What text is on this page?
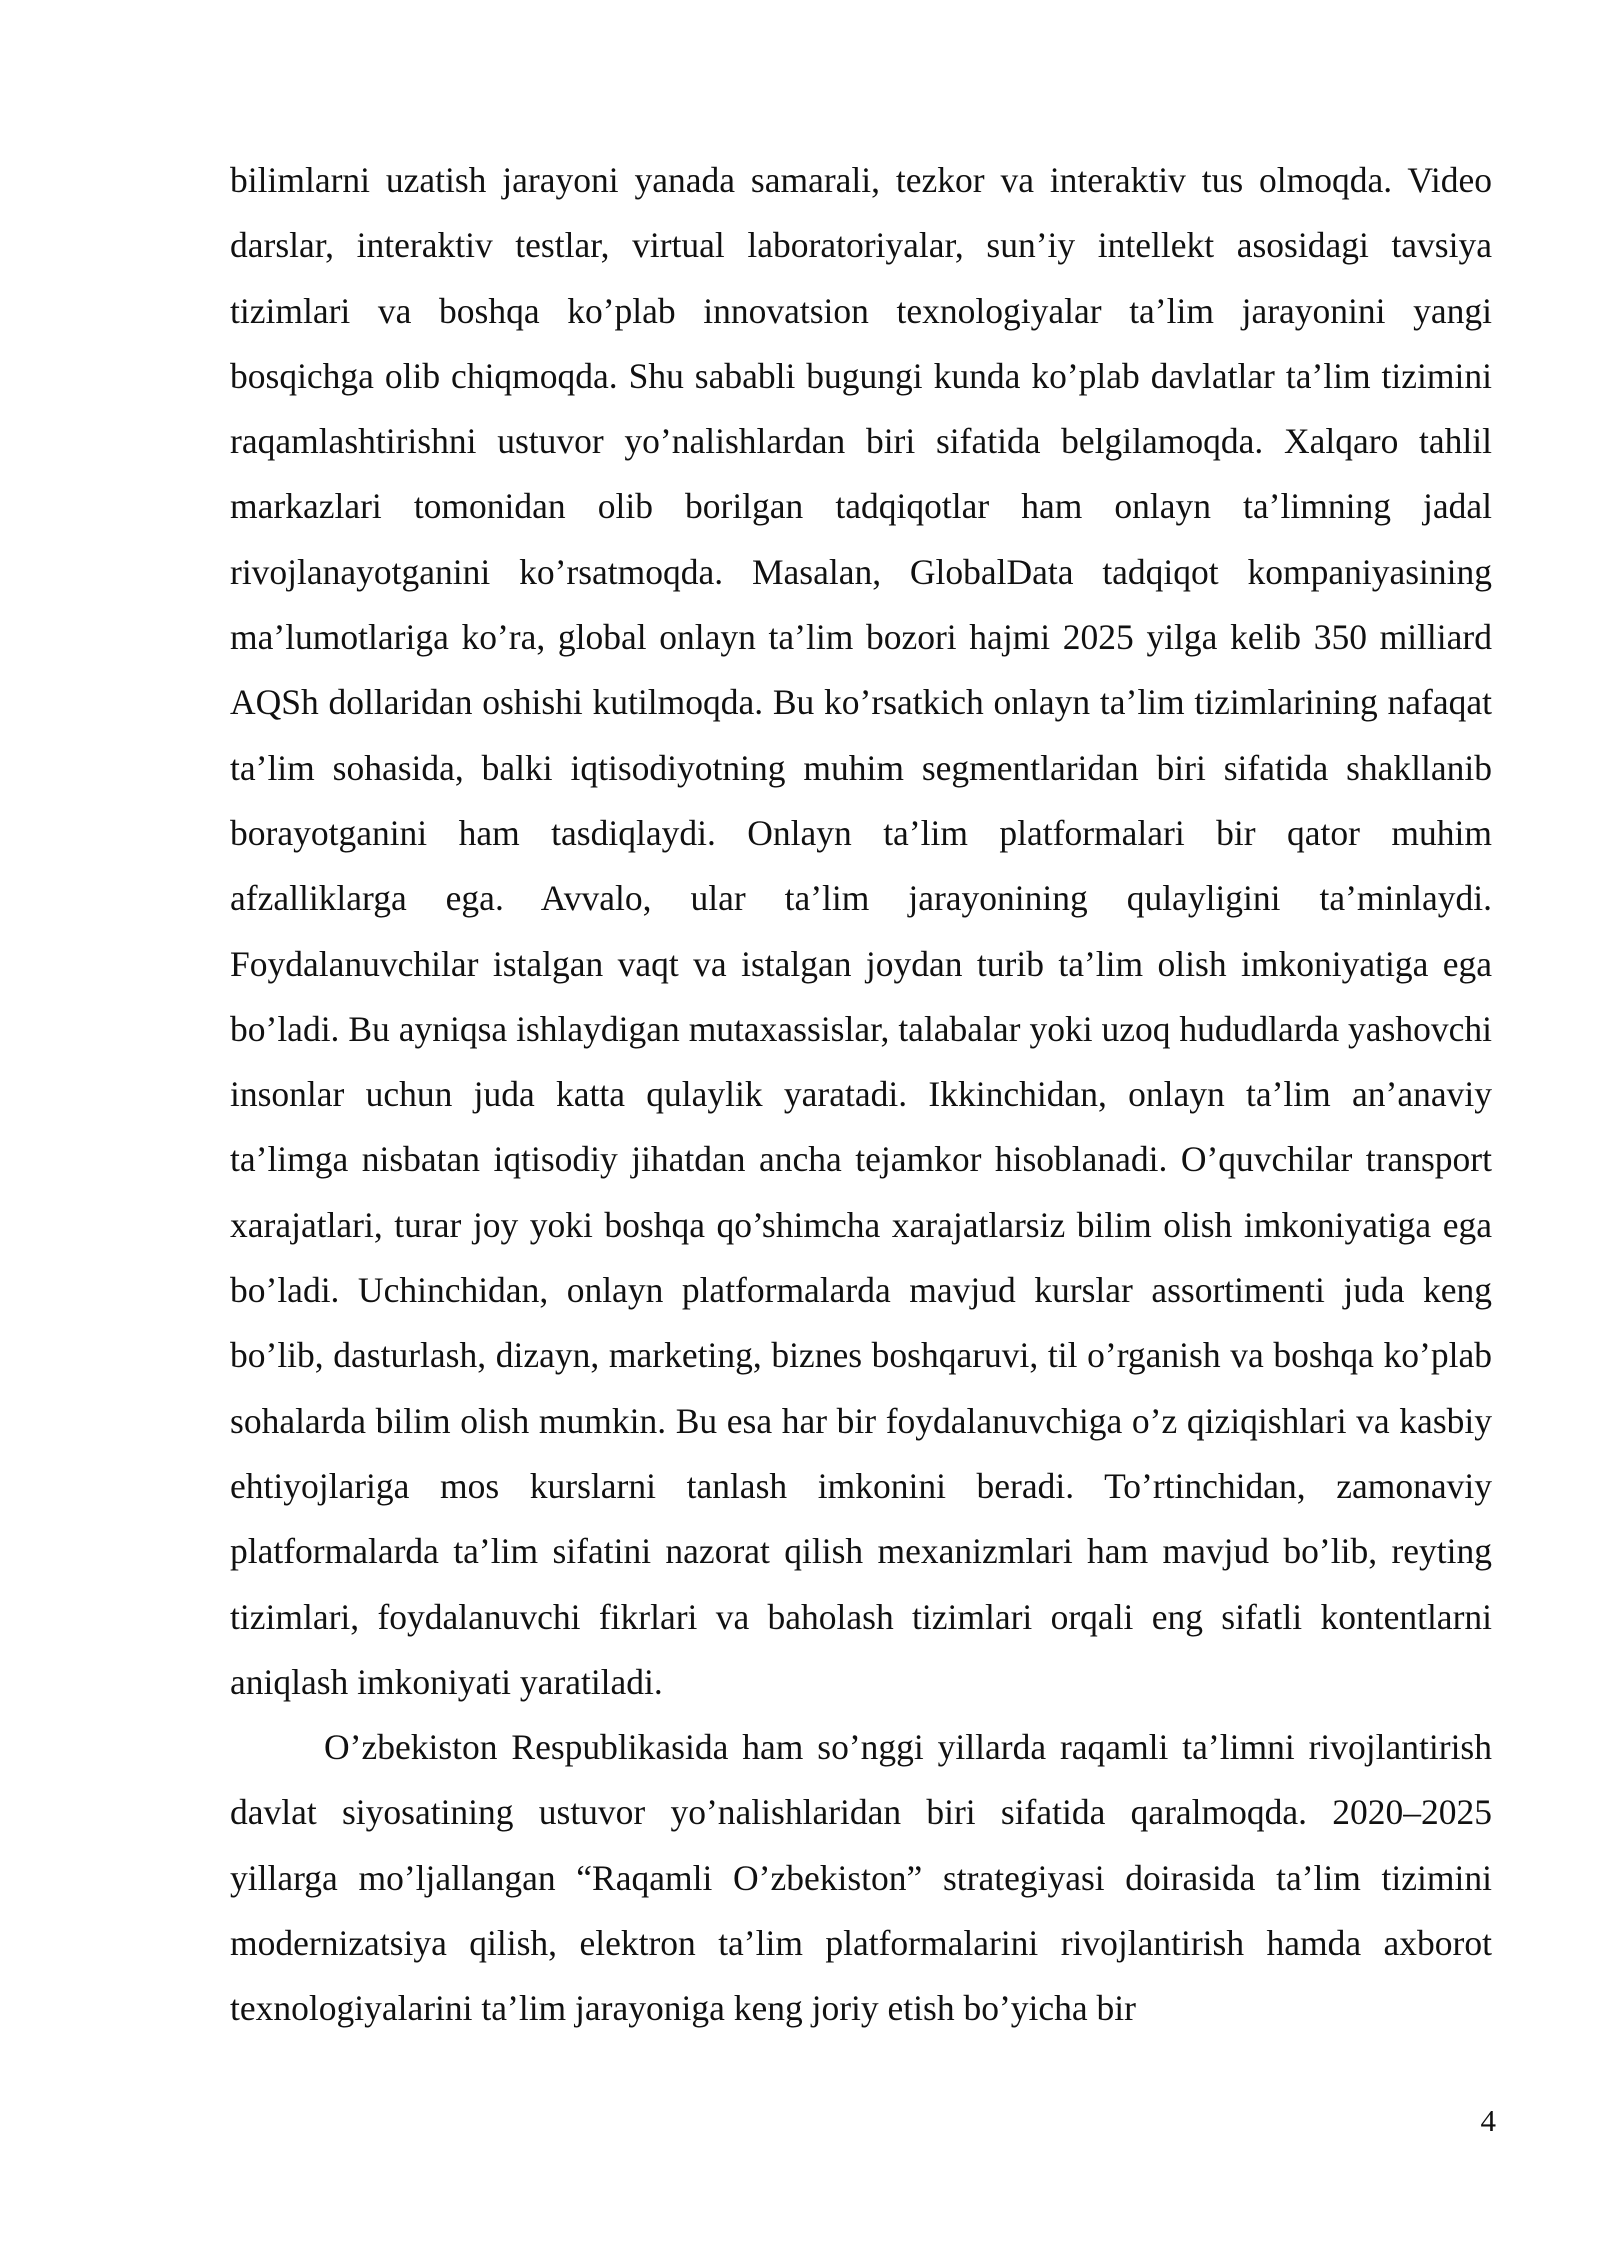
bilimlarni uzatish jarayoni yanada samarali, tezkor va interaktiv tus olmoqda. Video darslar, interaktiv testlar, virtual laboratoriyalar, sun’iy intellekt asosidagi tavsiya tizimlari va boshqa ko’plab innovatsion texnologiyalar ta’lim jarayonini yangi bosqichga olib chiqmoqda. Shu sababli bugungi kunda ko’plab davlatlar ta’lim tizimini raqamlashtirishni ustuvor yo’nalishlardan biri sifatida belgilamoqda. Xalqaro tahlil markazlari tomonidan olib borilgan tadqiqotlar ham onlayn ta’limning jadal rivojlanayotganini ko’rsatmoqda. Masalan, GlobalData tadqiqot kompaniyasining ma’lumotlariga ko’ra, global onlayn ta’lim bozori hajmi 2025 yilga kelib 350 milliard AQSh dollaridan oshishi kutilmoqda. Bu ko’rsatkich onlayn ta’lim tizimlarining nafaqat ta’lim sohasida, balki iqtisodiyotning muhim segmentlaridan biri sifatida shakllanib borayotganini ham tasdiqlaydi. Onlayn ta’lim platformalari bir qator muhim afzalliklarga ega. Avvalo, ular ta’lim jarayonining qulayligini ta’minlaydi. Foydalanuvchilar istalgan vaqt va istalgan joydan turib ta’lim olish imkoniyatiga ega bo’ladi. Bu ayniqsa ishlaydigan mutaxassislar, talabalar yoki uzoq hududlarda yashovchi insonlar uchun juda katta qulaylik yaratadi. Ikkinchidan, onlayn ta’lim an’anaviy ta’limga nisbatan iqtisodiy jihatdan ancha tejamkor hisoblanadi. O’quvchilar transport xarajatlari, turar joy yoki boshqa qo’shimcha xarajatlarsiz bilim olish imkoniyatiga ega bo’ladi. Uchinchidan, onlayn platformalarda mavjud kurslar assortimenti juda keng bo’lib, dasturlash, dizayn, marketing, biznes boshqaruvi, til o’rganish va boshqa ko’plab sohalarda bilim olish mumkin. Bu esa har bir foydalanuvchiga o’z qiziqishlari va kasbiy ehtiyojlariga mos kurslarni tanlash imkonini beradi. To’rtinchidan, zamonaviy platformalarda ta’lim sifatini nazorat qilish mexanizmlari ham mavjud bo’lib, reyting tizimlari, foydalanuvchi fikrlari va baholash tizimlari orqali eng sifatli kontentlarni aniqlash imkoniyati yaratiladi.

O’zbekiston Respublikasida ham so’nggi yillarda raqamli ta’limni rivojlantirish davlat siyosatining ustuvor yo’nalishlaridan biri sifatida qaralmoqda. 2020–2025 yillarga mo’ljallangan “Raqamli O’zbekiston” strategiyasi doirasida ta’lim tizimini modernizatsiya qilish, elektron ta’lim platformalarini rivojlantirish hamda axborot texnologiyalarini ta’lim jarayoniga keng joriy etish bo’yicha bir

4
